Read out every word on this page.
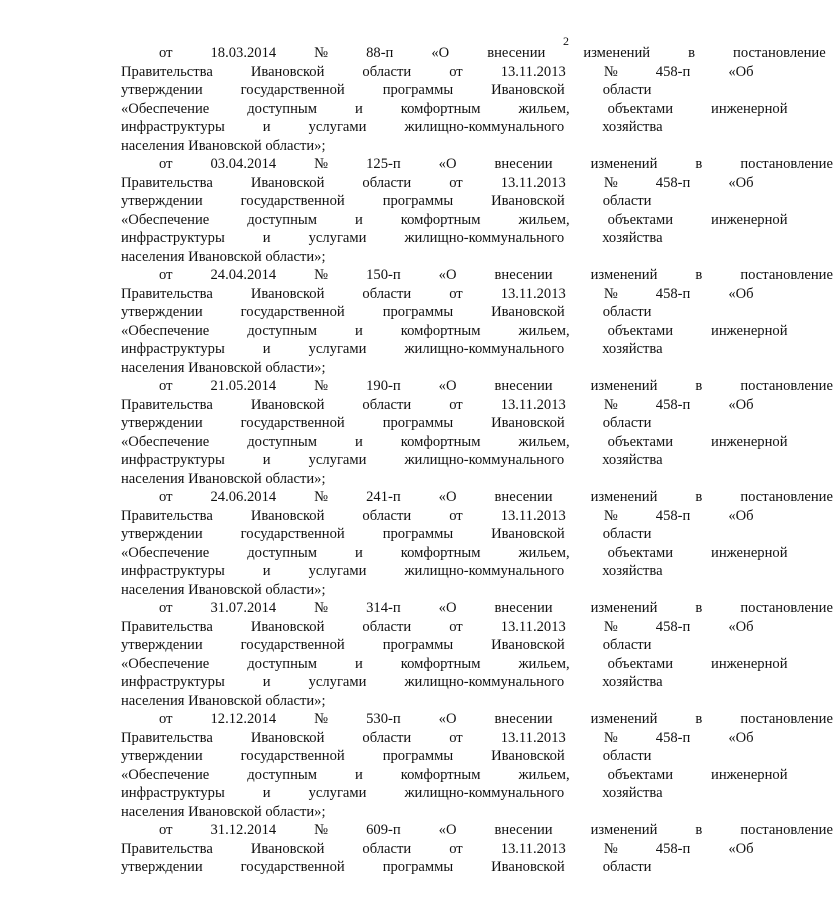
2
от	18.03.2014	№	88-п	«О	внесении	изменений	в	постановление
Правительства	Ивановской	области	от	13.11.2013	№	458-п	«Об
утверждении	государственной	программы	Ивановской	области
«Обеспечение	доступным	и	комфортным	жильем,	объектами	инженерной
инфраструктуры	и	услугами	жилищно-коммунального	хозяйства
населения Ивановской области»;
от	03.04.2014	№	125-п	«О	внесении	изменений	в	постановление
Правительства	Ивановской	области	от	13.11.2013	№	458-п	«Об
утверждении	государственной	программы	Ивановской	области
«Обеспечение	доступным	и	комфортным	жильем,	объектами	инженерной
инфраструктуры	и	услугами	жилищно-коммунального	хозяйства
населения Ивановской области»;
от	24.04.2014	№	150-п	«О	внесении	изменений	в	постановление
Правительства	Ивановской	области	от	13.11.2013	№	458-п	«Об
утверждении	государственной	программы	Ивановской	области
«Обеспечение	доступным	и	комфортным	жильем,	объектами	инженерной
инфраструктуры	и	услугами	жилищно-коммунального	хозяйства
населения Ивановской области»;
от	21.05.2014	№	190-п	«О	внесении	изменений	в	постановление
Правительства	Ивановской	области	от	13.11.2013	№	458-п	«Об
утверждении	государственной	программы	Ивановской	области
«Обеспечение	доступным	и	комфортным	жильем,	объектами	инженерной
инфраструктуры	и	услугами	жилищно-коммунального	хозяйства
населения Ивановской области»;
от	24.06.2014	№	241-п	«О	внесении	изменений	в	постановление
Правительства	Ивановской	области	от	13.11.2013	№	458-п	«Об
утверждении	государственной	программы	Ивановской	области
«Обеспечение	доступным	и	комфортным	жильем,	объектами	инженерной
инфраструктуры	и	услугами	жилищно-коммунального	хозяйства
населения Ивановской области»;
от	31.07.2014	№	314-п	«О	внесении	изменений	в	постановление
Правительства	Ивановской	области	от	13.11.2013	№	458-п	«Об
утверждении	государственной	программы	Ивановской	области
«Обеспечение	доступным	и	комфортным	жильем,	объектами	инженерной
инфраструктуры	и	услугами	жилищно-коммунального	хозяйства
населения Ивановской области»;
от	12.12.2014	№	530-п	«О	внесении	изменений	в	постановление
Правительства	Ивановской	области	от	13.11.2013	№	458-п	«Об
утверждении	государственной	программы	Ивановской	области
«Обеспечение	доступным	и	комфортным	жильем,	объектами	инженерной
инфраструктуры	и	услугами	жилищно-коммунального	хозяйства
населения Ивановской области»;
от	31.12.2014	№	609-п	«О	внесении	изменений	в	постановление
Правительства	Ивановской	области	от	13.11.2013	№	458-п	«Об
утверждении	государственной	программы	Ивановской	области
